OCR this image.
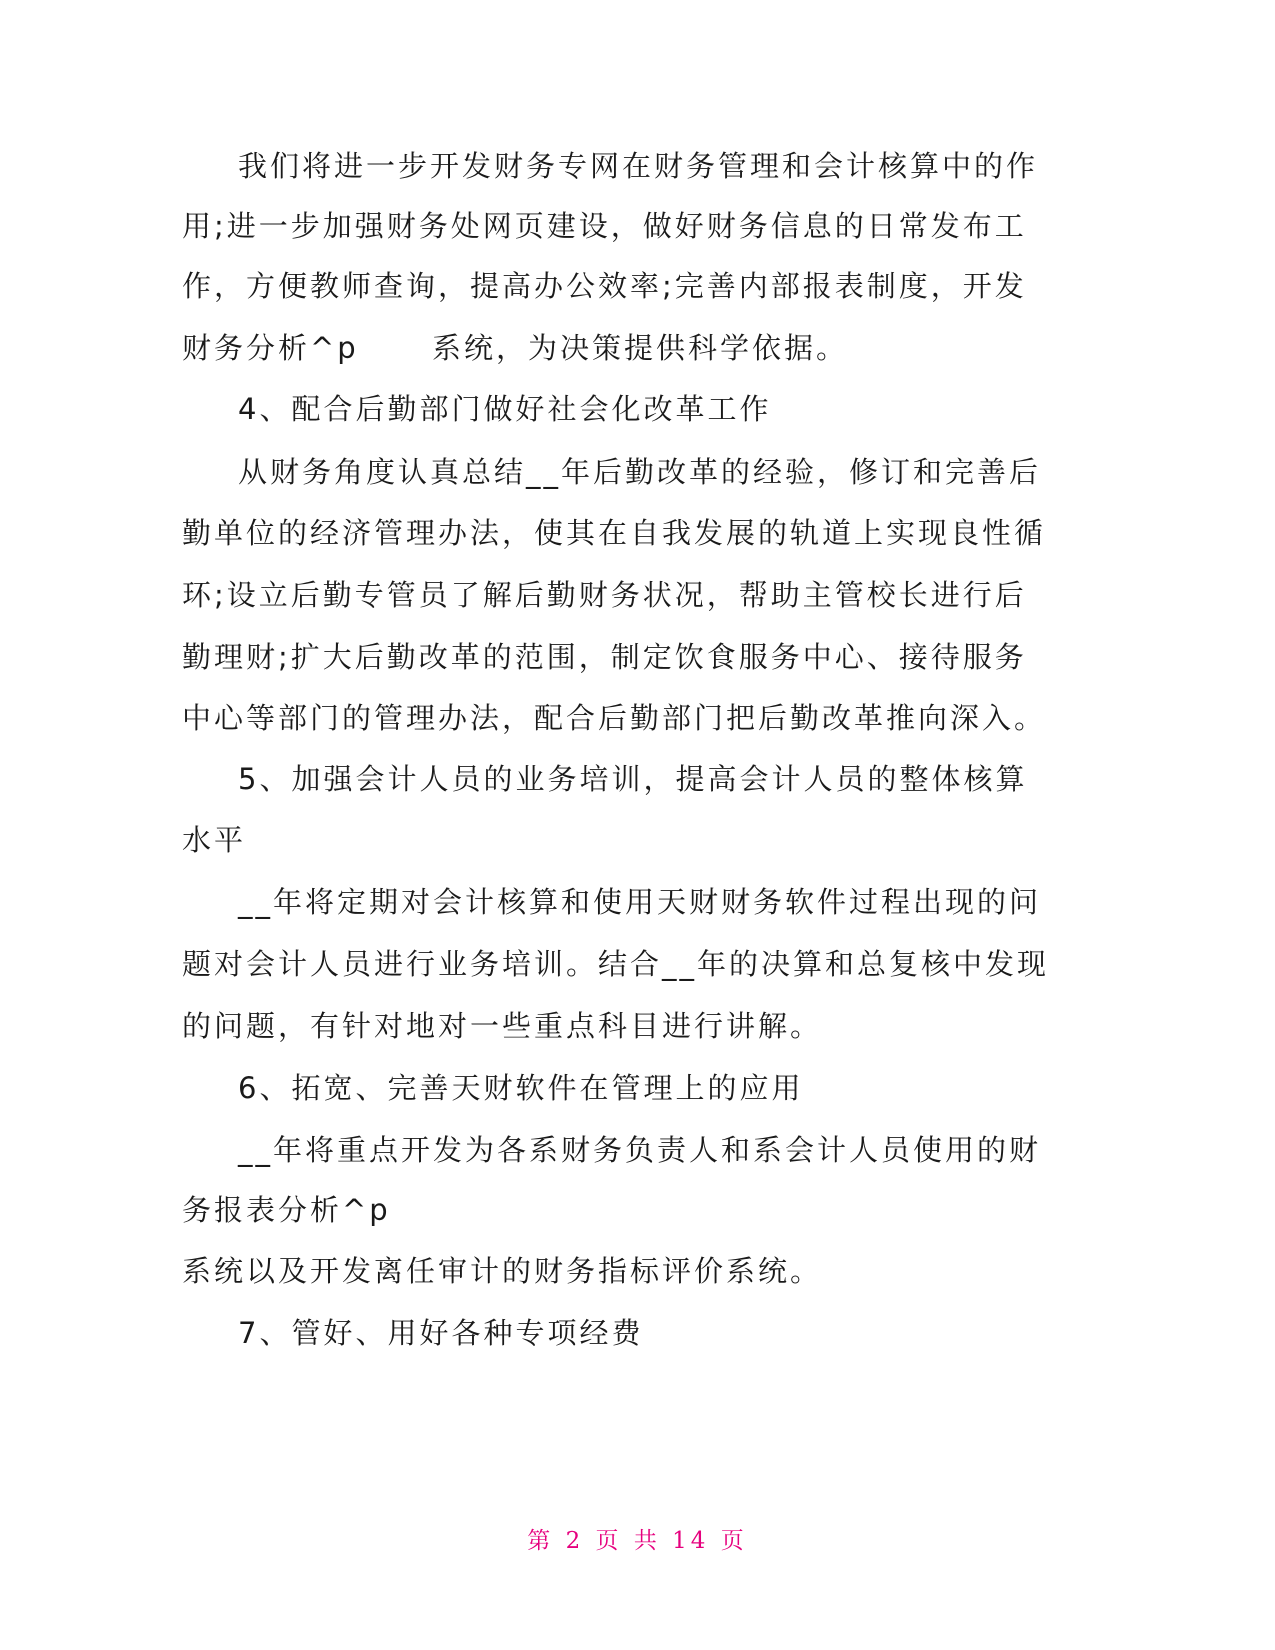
我们将进一步开发财务专网在财务管理和会计核算中的作
用;进一步加强财务处网页建设，做好财务信息的日常发布工
作，方便教师查询，提高办公效率;完善内部报表制度，开发
财务分析^p      系统，为决策提供科学依据。
4、配合后勤部门做好社会化改革工作
从财务角度认真总结__年后勤改革的经验，修订和完善后
勤单位的经济管理办法，使其在自我发展的轨道上实现良性循
环;设立后勤专管员了解后勤财务状况，帮助主管校长进行后
勤理财;扩大后勤改革的范围，制定饮食服务中心、接待服务
中心等部门的管理办法，配合后勤部门把后勤改革推向深入。
5、加强会计人员的业务培训，提高会计人员的整体核算
水平
__年将定期对会计核算和使用天财财务软件过程出现的问
题对会计人员进行业务培训。结合__年的决算和总复核中发现
的问题，有针对地对一些重点科目进行讲解。
6、拓宽、完善天财软件在管理上的应用
__年将重点开发为各系财务负责人和系会计人员使用的财
务报表分析^p
系统以及开发离任审计的财务指标评价系统。
7、管好、用好各种专项经费
第 2 页 共 14 页
